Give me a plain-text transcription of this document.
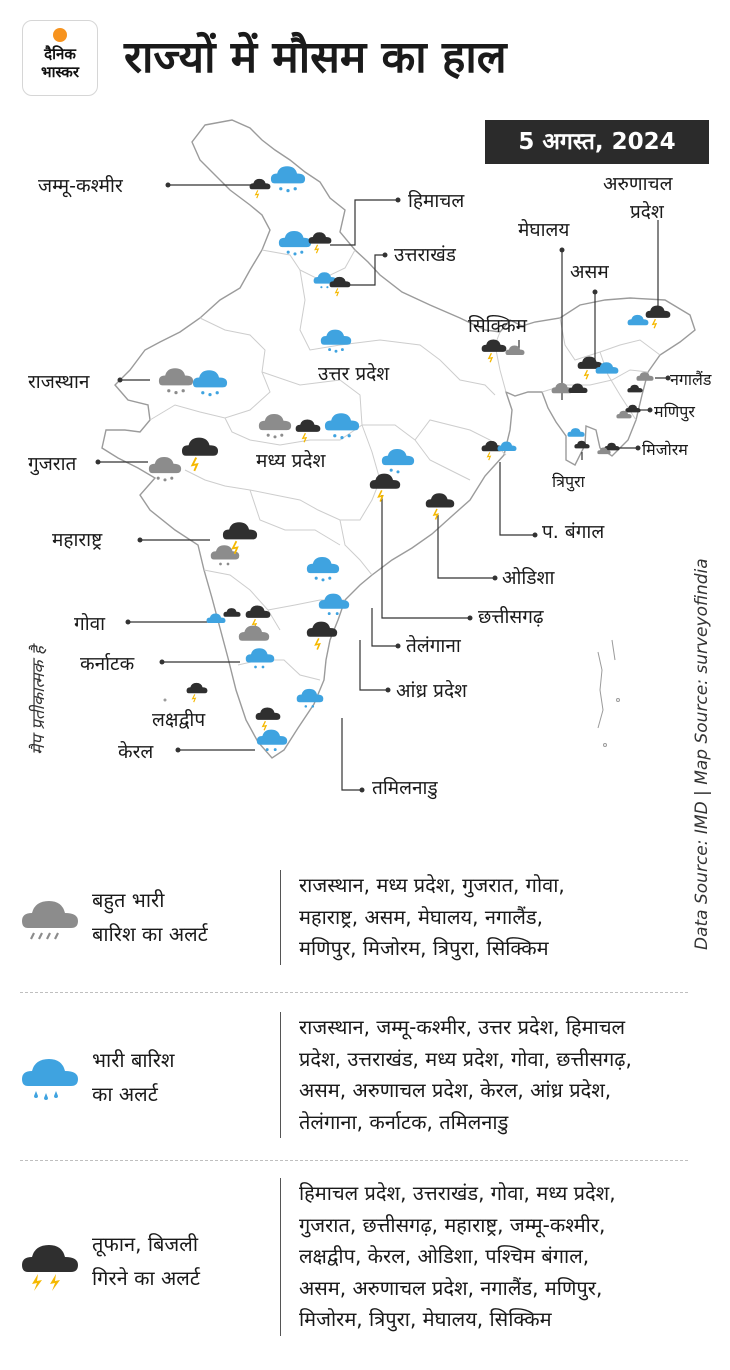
दैनिक
भास्कर	राज्यों में मौसम का हाल
5 अगस्त, 2024
जम्मू-कश्मीर
हिमाचल
उत्तराखंड
अरुणाचल
प्रदेश
मेघालय
असम
सिक्किम
नगालैंड
मणिपुर
मिजोरम
त्रिपुरा
राजस्थान	उत्तर प्रदेश
गुजरात	मध्य प्रदेश
प. बंगाल
महाराष्ट्र
ओडिशा
छत्तीसगढ़
गोवा
तेलंगाना
कर्नाटक
आंध्र प्रदेश
लक्षद्वीप
केरल
तमिलनाडु
मैप प्रतीकात्मक है	Data Source: IMD | Map Source: surveyofindia
बहुत भारी
बारिश का अलर्ट
राजस्थान, मध्य प्रदेश, गुजरात, गोवा,
महाराष्ट्र, असम, मेघालय, नगालैंड,
मणिपुर, मिजोरम, त्रिपुरा, सिक्किम
भारी बारिश
का अलर्ट
राजस्थान, जम्मू-कश्मीर, उत्तर प्रदेश, हिमाचल
प्रदेश, उत्तराखंड, मध्य प्रदेश, गोवा, छत्तीसगढ़,
असम, अरुणाचल प्रदेश, केरल, आंध्र प्रदेश,
तेलंगाना, कर्नाटक, तमिलनाडु
तूफान, बिजली
गिरने का अलर्ट
हिमाचल प्रदेश, उत्तराखंड, गोवा, मध्य प्रदेश,
गुजरात, छत्तीसगढ़, महाराष्ट्र, जम्मू-कश्मीर,
लक्षद्वीप, केरल, ओडिशा, पश्चिम बंगाल,
असम, अरुणाचल प्रदेश, नगालैंड, मणिपुर,
मिजोरम, त्रिपुरा, मेघालय, सिक्किम
